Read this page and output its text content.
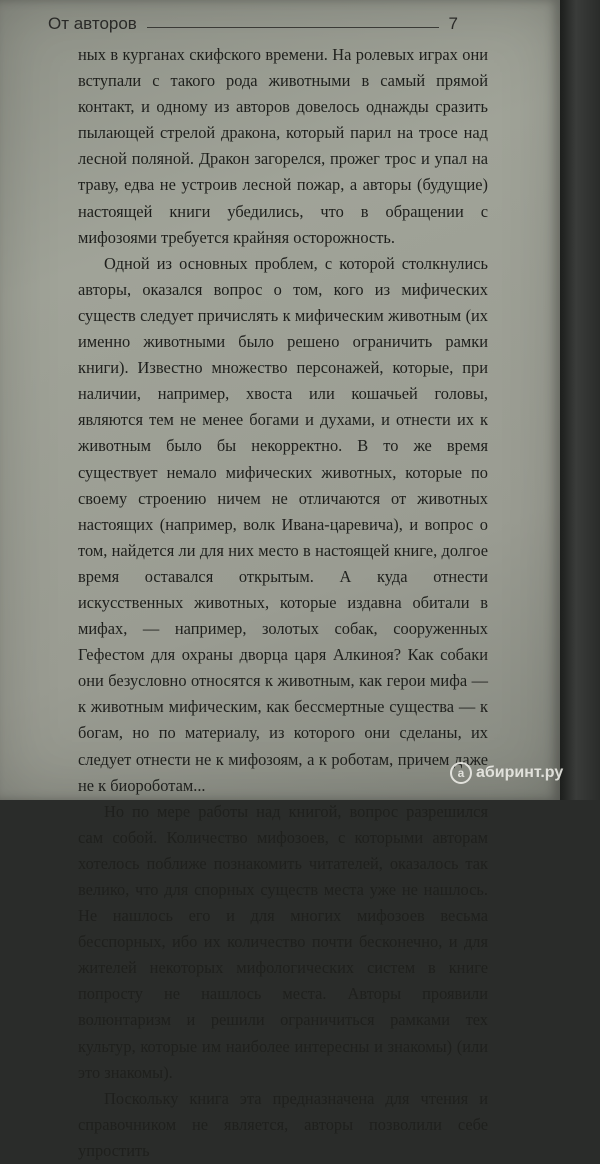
От авторов	7

ных в курганах скифского времени. На ролевых играх они вступали с такого рода животными в самый прямой контакт, и одному из авторов довелось однажды сразить пылающей стрелой дракона, который парил на тросе над лесной поляной. Дракон загорелся, прожег трос и упал на траву, едва не устроив лесной пожар, а авторы (будущие) настоящей книги убедились, что в обращении с мифозоями требуется крайняя осторожность.

Одной из основных проблем, с которой столкнулись авторы, оказался вопрос о том, кого из мифических существ следует причислять к мифическим животным (их именно животными было решено ограничить рамки книги). Известно множество персонажей, которые, при наличии, например, хвоста или кошачьей головы, являются тем не менее богами и духами, и отнести их к животным было бы некорректно. В то же время существует немало мифических животных, которые по своему строению ничем не отличаются от животных настоящих (например, волк Ивана-царевича), и вопрос о том, найдется ли для них место в настоящей книге, долгое время оставался открытым. А куда отнести искусственных животных, которые издавна обитали в мифах, — например, золотых собак, сооруженных Гефестом для охраны дворца царя Алкиноя? Как собаки они безусловно относятся к животным, как герои мифа — к животным мифическим, как бессмертные существа — к богам, но по материалу, из которого они сделаны, их следует отнести не к мифозоям, а к роботам, причем даже не к биороботам...

Но по мере работы над книгой, вопрос разрешился сам собой. Количество мифозоев, с которыми авторам хотелось поближе познакомить читателей, оказалось так велико, что для спорных существ места уже не нашлось. Не нашлось его и для многих мифозоев весьма бесспорных, ибо их количество почти бесконечно, и для жителей некоторых мифологических систем в книге попросту не нашлось места. Авторы проявили волюнтаризм и решили ограничиться рамками тех культур, которые им наиболее интересны и знакомы) (или это знакомы).

Поскольку книга эта предназначена для чтения и справочником не является, авторы позволили себе упростить

а абиринт.ру
